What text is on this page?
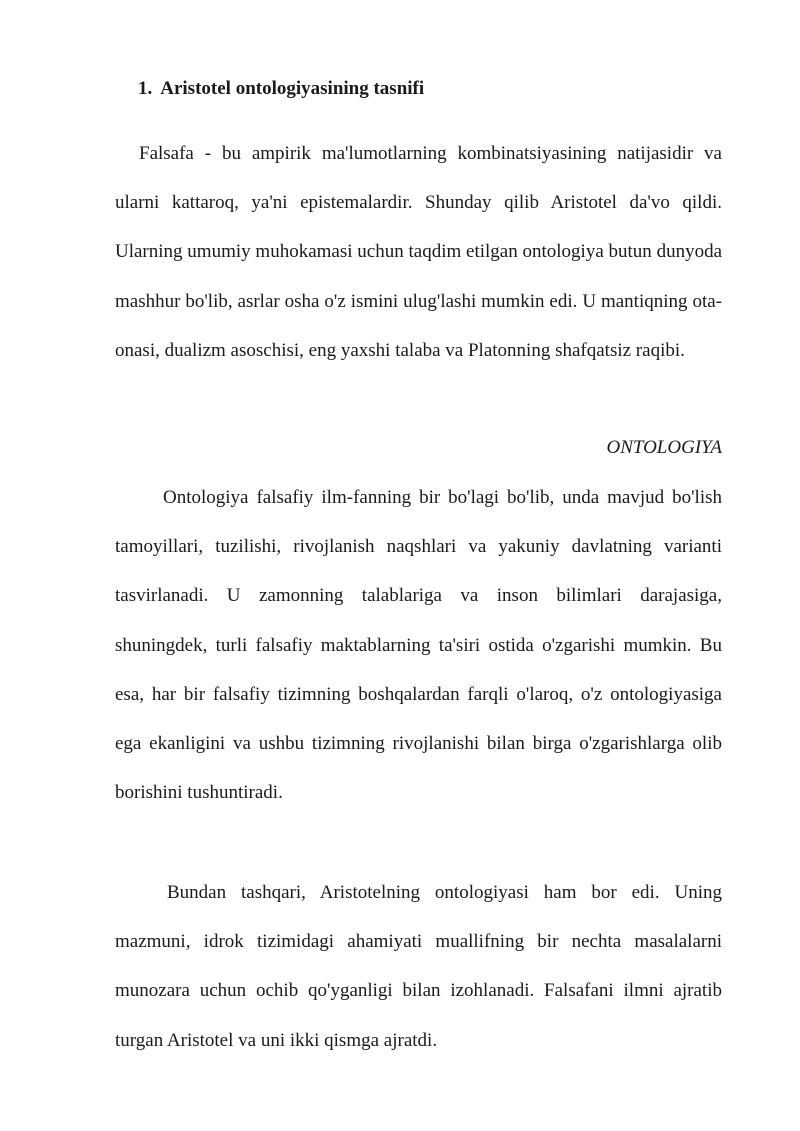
1. Aristotel ontologiyasining tasnifi

Falsafa - bu ampirik ma'lumotlarning kombinatsiyasining natijasidir va ularni kattaroq, ya'ni epistemalardir. Shunday qilib Aristotel da'vo qildi. Ularning umumiy muhokamasi uchun taqdim etilgan ontologiya butun dunyoda mashhur bo'lib, asrlar osha o'z ismini ulug'lashi mumkin edi. U mantiqning ota-onasi, dualizm asoschisi, eng yaxshi talaba va Platonning shafqatsiz raqibi.

ONTOLOGIYA

Ontologiya falsafiy ilm-fanning bir bo'lagi bo'lib, unda mavjud bo'lish tamoyillari, tuzilishi, rivojlanish naqshlari va yakuniy davlatning varianti tasvirlanadi. U zamonning talablariga va inson bilimlari darajasiga, shuningdek, turli falsafiy maktablarning ta'siri ostida o'zgarishi mumkin. Bu esa, har bir falsafiy tizimning boshqalardan farqli o'laroq, o'z ontologiyasiga ega ekanligini va ushbu tizimning rivojlanishi bilan birga o'zgarishlarga olib borishini tushuntiradi.

Bundan tashqari, Aristotelning ontologiyasi ham bor edi. Uning mazmuni, idrok tizimidagi ahamiyati muallifning bir nechta masalalarni munozara uchun ochib qo'yganligi bilan izohlanadi. Falsafani ilmni ajratib turgan Aristotel va uni ikki qismga ajratdi.
